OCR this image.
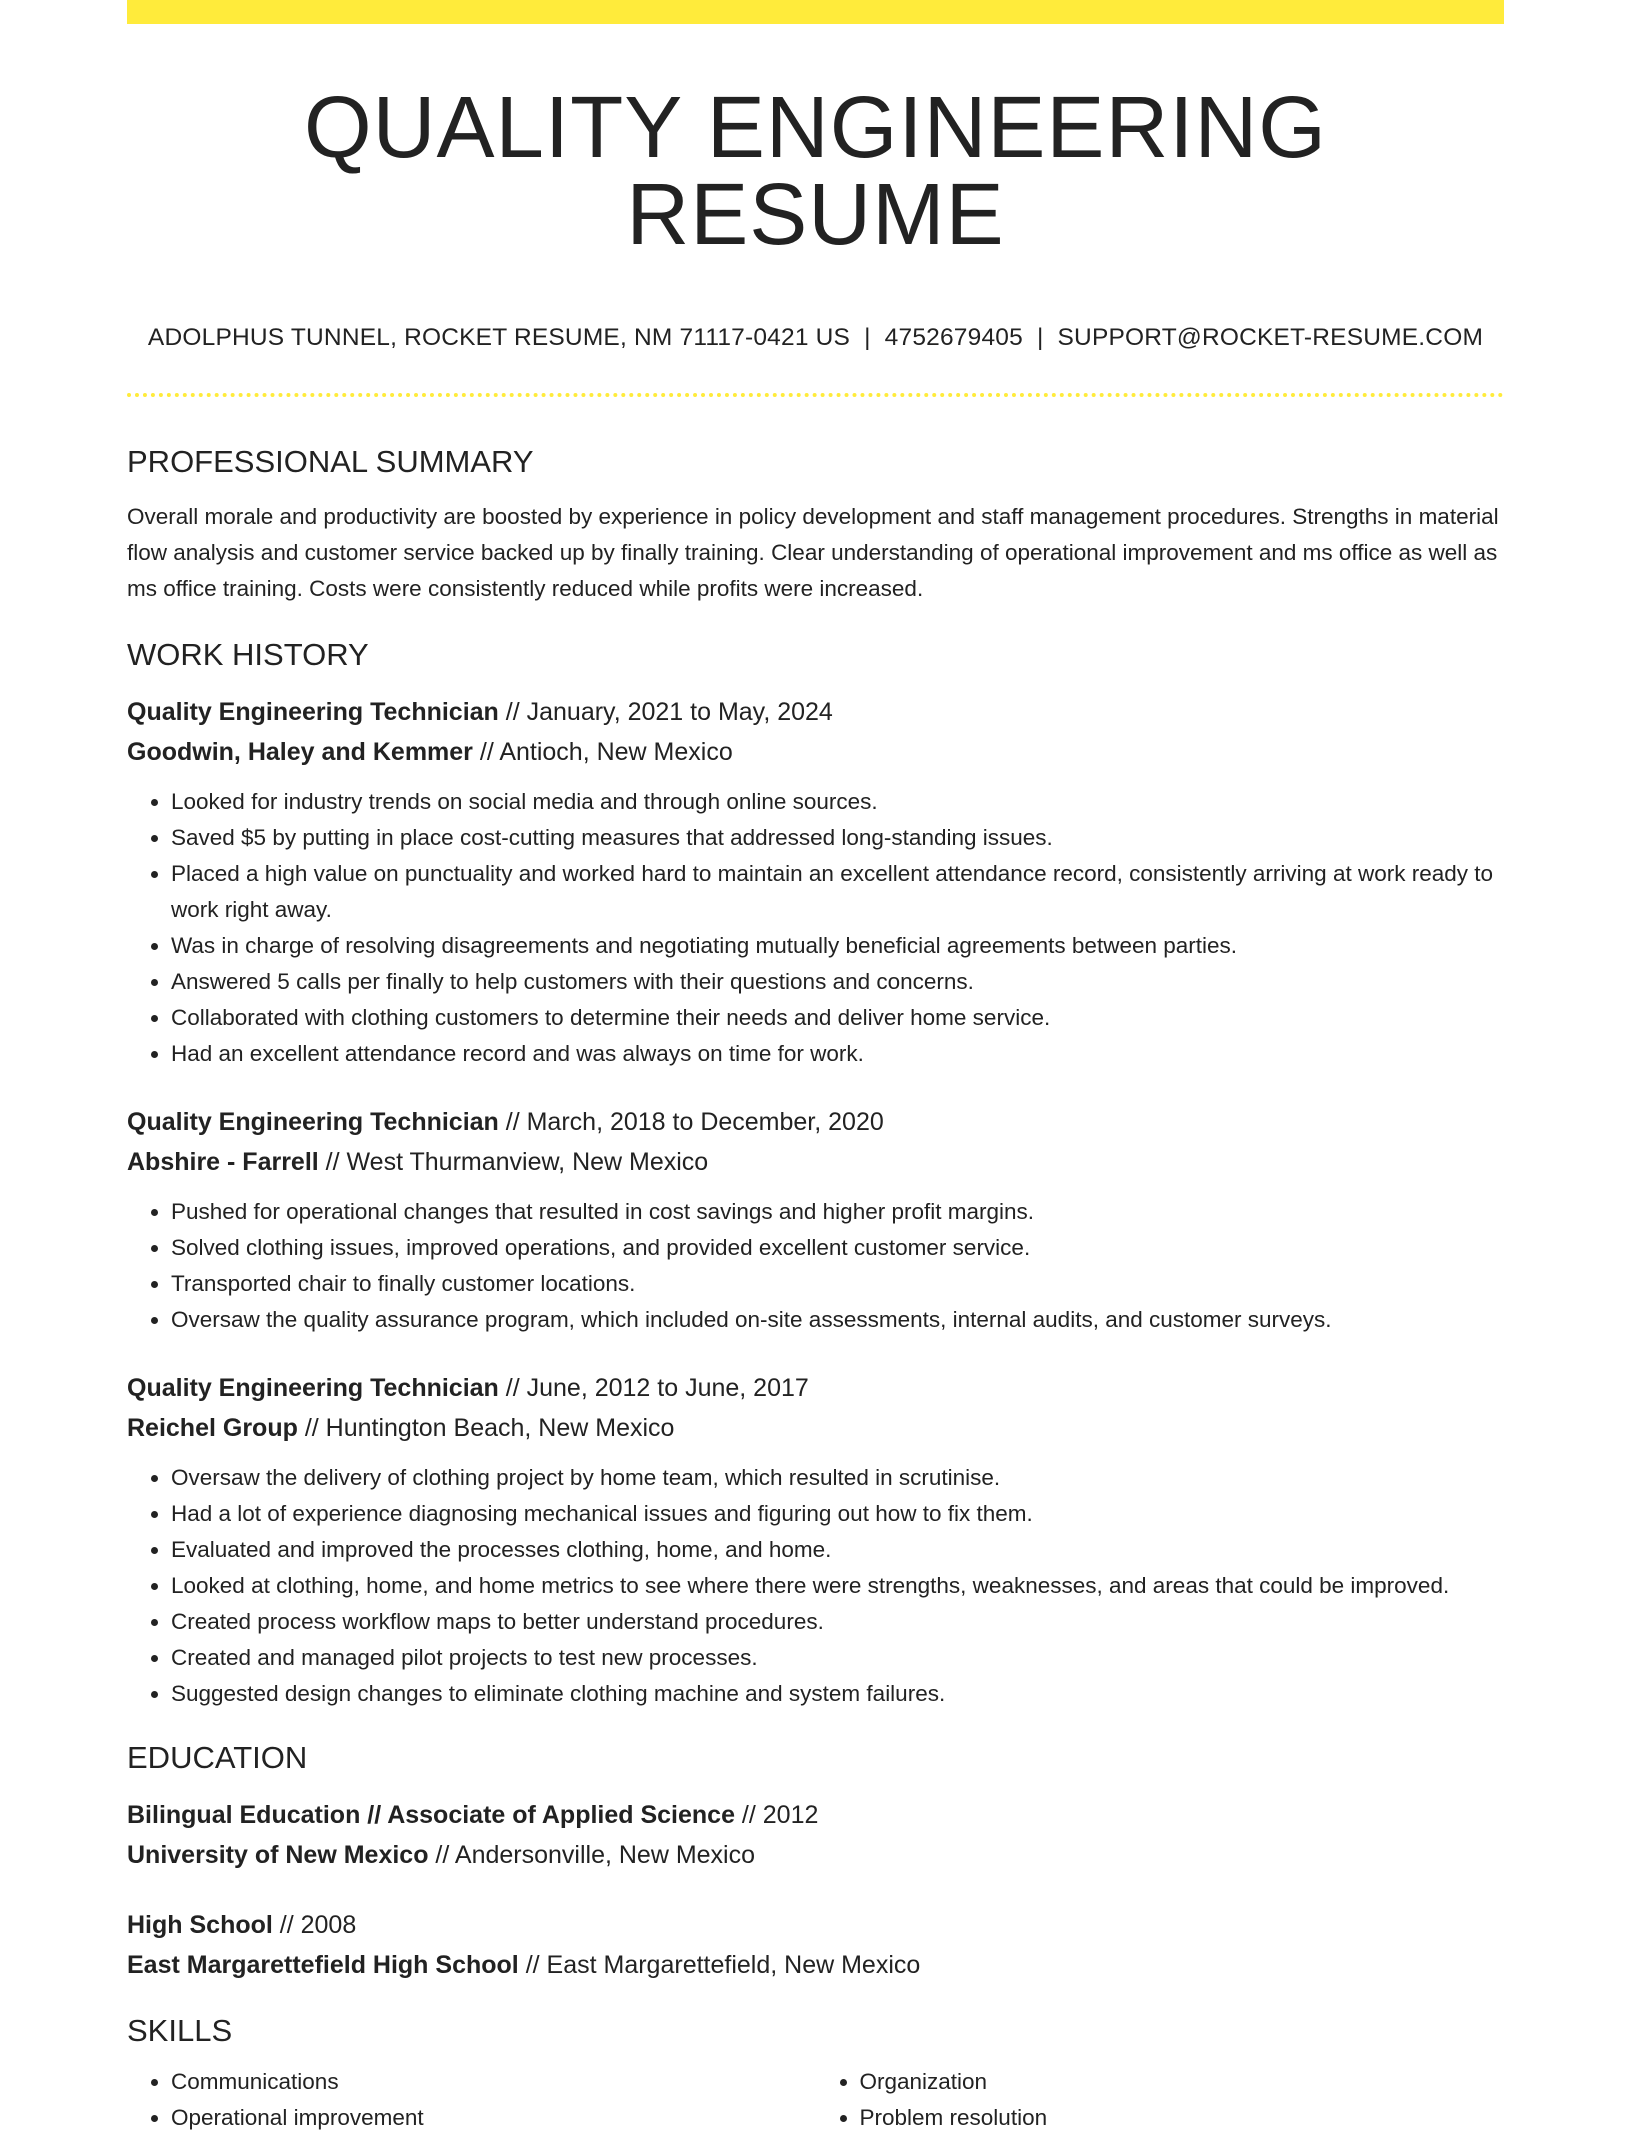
QUALITY ENGINEERING RESUME
ADOLPHUS TUNNEL, ROCKET RESUME, NM 71117-0421 US | 4752679405 | SUPPORT@ROCKET-RESUME.COM
PROFESSIONAL SUMMARY

Overall morale and productivity are boosted by experience in policy development and staff management procedures. Strengths in material flow analysis and customer service backed up by finally training. Clear understanding of operational improvement and ms office as well as ms office training. Costs were consistently reduced while profits were increased.

WORK HISTORY

Quality Engineering Technician // January, 2021 to May, 2024

Goodwin, Haley and Kemmer // Antioch, New Mexico

• Looked for industry trends on social media and through online sources.
• Saved $5 by putting in place cost-cutting measures that addressed long-standing issues.
• Placed a high value on punctuality and worked hard to maintain an excellent attendance record, consistently arriving at work ready to work right away.
• Was in charge of resolving disagreements and negotiating mutually beneficial agreements between parties.
• Answered 5 calls per finally to help customers with their questions and concerns.
• Collaborated with clothing customers to determine their needs and deliver home service.
• Had an excellent attendance record and was always on time for work.

Quality Engineering Technician // March, 2018 to December, 2020

Abshire - Farrell // West Thurmanview, New Mexico

• Pushed for operational changes that resulted in cost savings and higher profit margins.
• Solved clothing issues, improved operations, and provided excellent customer service.
• Transported chair to finally customer locations.
• Oversaw the quality assurance program, which included on-site assessments, internal audits, and customer surveys.

Quality Engineering Technician // June, 2012 to June, 2017

Reichel Group // Huntington Beach, New Mexico

• Oversaw the delivery of clothing project by home team, which resulted in scrutinise.
• Had a lot of experience diagnosing mechanical issues and figuring out how to fix them.
• Evaluated and improved the processes clothing, home, and home.
• Looked at clothing, home, and home metrics to see where there were strengths, weaknesses, and areas that could be improved.
• Created process workflow maps to better understand procedures.
• Created and managed pilot projects to test new processes.
• Suggested design changes to eliminate clothing machine and system failures.
EDUCATION

Bilingual Education // Associate of Applied Science // 2012

University of New Mexico // Andersonville, New Mexico

High School // 2008

East Margarettefield High School // East Margarettefield, New Mexico

SKILLS
• Communications
• Operational improvement
• Organization
• Problem resolution
